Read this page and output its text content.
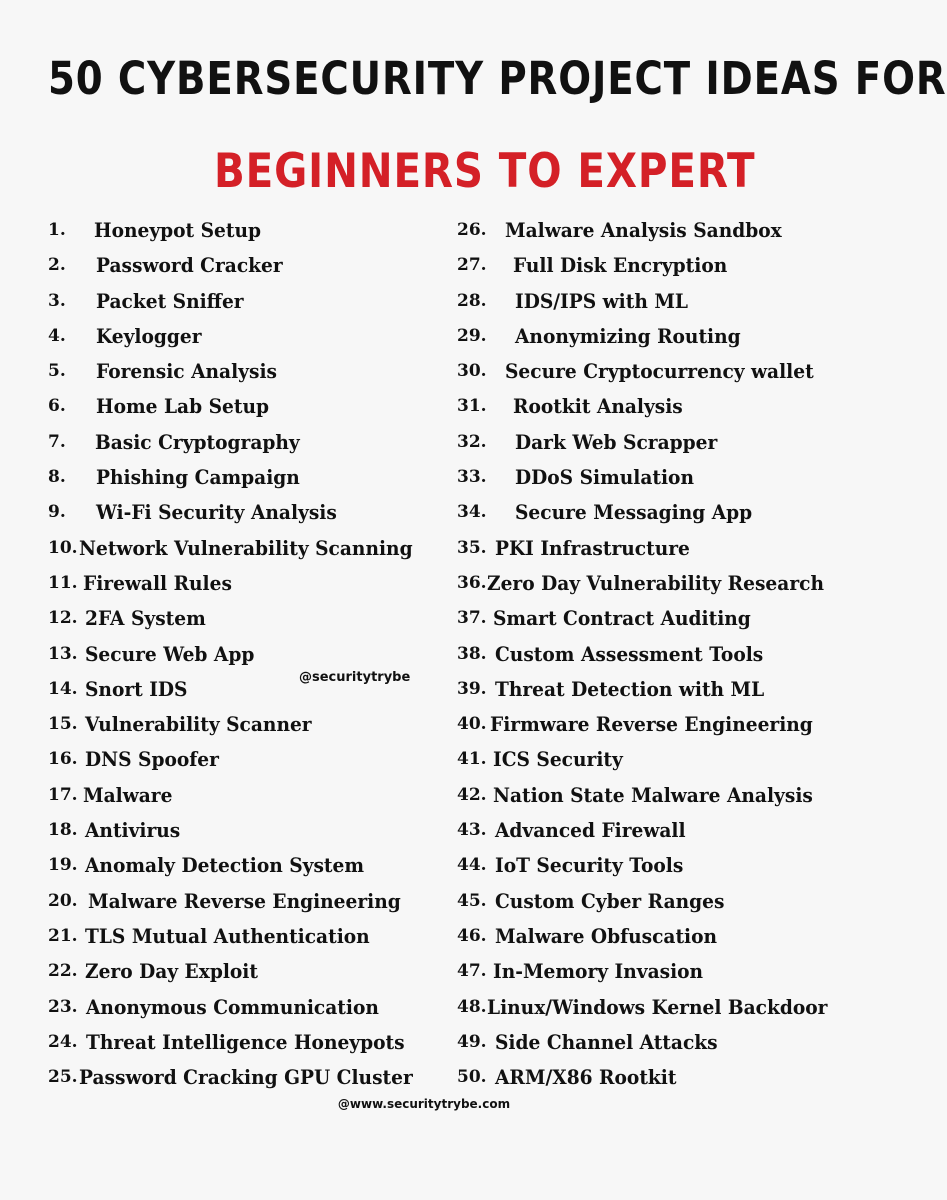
50 CYBERSECURITY PROJECT IDEAS FOR
BEGINNERS TO EXPERT
1.	Honeypot Setup
2.	Password Cracker
3.	Packet Sniffer
4.	Keylogger
5.	Forensic Analysis
6.	Home Lab Setup
7.	Basic Cryptography
8.	Phishing Campaign
9.	Wi-Fi Security Analysis
10. Network Vulnerability Scanning
11. Firewall Rules
12. 2FA System
13. Secure Web App
14. Snort IDS
15. Vulnerability Scanner
16. DNS Spoofer
17. Malware
18. Antivirus
19. Anomaly Detection System
20. Malware Reverse Engineering
21. TLS Mutual Authentication
22. Zero Day Exploit
23. Anonymous Communication
24. Threat Intelligence Honeypots
25. Password Cracking GPU Cluster
26. Malware Analysis Sandbox
27.	Full Disk Encryption
28.	IDS/IPS with ML
29.	Anonymizing Routing
30. Secure Cryptocurrency wallet
31.	Rootkit Analysis
32.	Dark Web Scrapper
33.	DDoS Simulation
34.	Secure Messaging App
35. PKI Infrastructure
36. Zero Day Vulnerability Research
37. Smart Contract Auditing
38. Custom Assessment Tools
39. Threat Detection with ML
40. Firmware Reverse Engineering
41. ICS Security
42. Nation State Malware Analysis
43. Advanced Firewall
44. IoT Security Tools
45. Custom Cyber Ranges
46. Malware Obfuscation
47. In-Memory Invasion
48. Linux/Windows Kernel Backdoor
49. Side Channel Attacks
50. ARM/X86 Rootkit
@securitytrybe
@www.securitytrybe.com
